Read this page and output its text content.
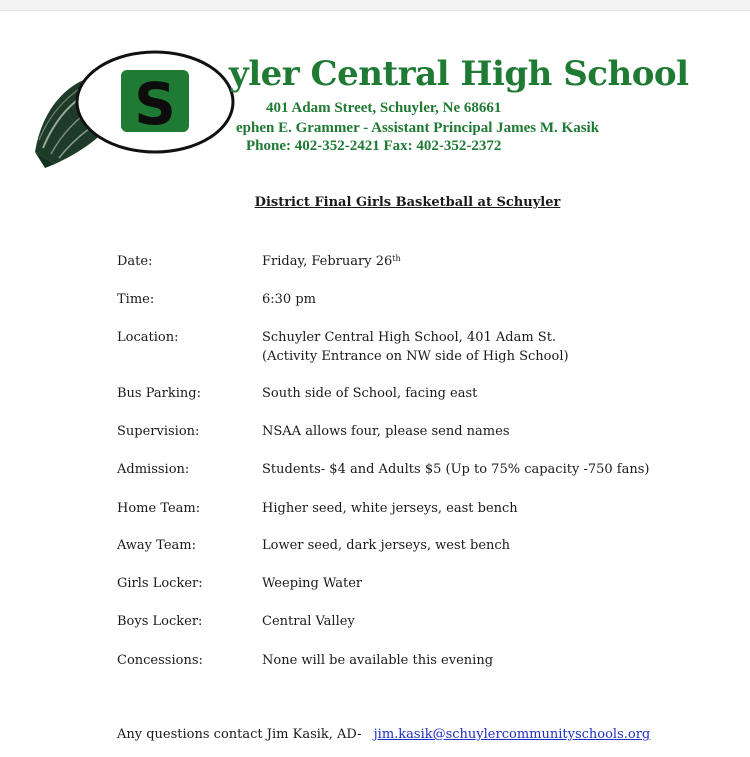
S yler Central High School
401 Adam Street, Schuyler, Ne 68661
ephen E. Grammer - Assistant Principal James M. Kasik
Phone: 402-352-2421 Fax: 402-352-2372
District Final Girls Basketball at Schuyler
Date:	Friday, February 26th
Time:	6:30 pm
Location:	Schuyler Central High School, 401 Adam St.
(Activity Entrance on NW side of High School)
Bus Parking:	South side of School, facing east
Supervision:	NSAA allows four, please send names
Admission:	Students- $4 and Adults $5 (Up to 75% capacity -750 fans)
Home Team:	Higher seed, white jerseys, east bench
Away Team:	Lower seed, dark jerseys, west bench
Girls Locker:	Weeping Water
Boys Locker:	Central Valley
Concessions:	None will be available this evening
Any questions contact Jim Kasik, AD- jim.kasik@schuylercommunityschools.org
